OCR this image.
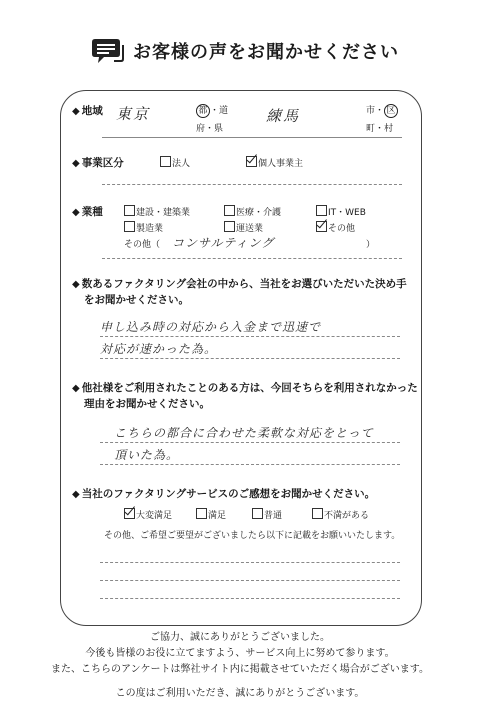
お客様の声をお聞かせください
◆ 地域 東京	都 ・道
府・県
練馬	市・ 区
町・村
◆ 事業区分	法人	個人事業主
◆ 業種	建設・建築業	医療・介護	IT・WEB
製造業	運送業	その他
その他（ コンサルティング	）
◆ 数あるファクタリング会社の中から、当社をお選びいただいた決め手
をお聞かせください。
申し込み時の対応から入金まで迅速で
対応が速かった為。
◆ 他社様をご利用されたことのある方は、今回そちらを利用されなかった
理由をお聞かせください。
こちらの都合に合わせた柔軟な対応をとって
頂いた為。
◆ 当社のファクタリングサービスのご感想をお聞かせください。
大変満足	満足	普通	不満がある
その他、ご希望ご要望がございましたら以下に記載をお願いいたします。
ご協力、誠にありがとうございました。
今後も皆様のお役に立てますよう、サービス向上に努めて参ります。
また、こちらのアンケートは弊社サイト内に掲載させていただく場合がございます。
この度はご利用いただき、誠にありがとうございます。
